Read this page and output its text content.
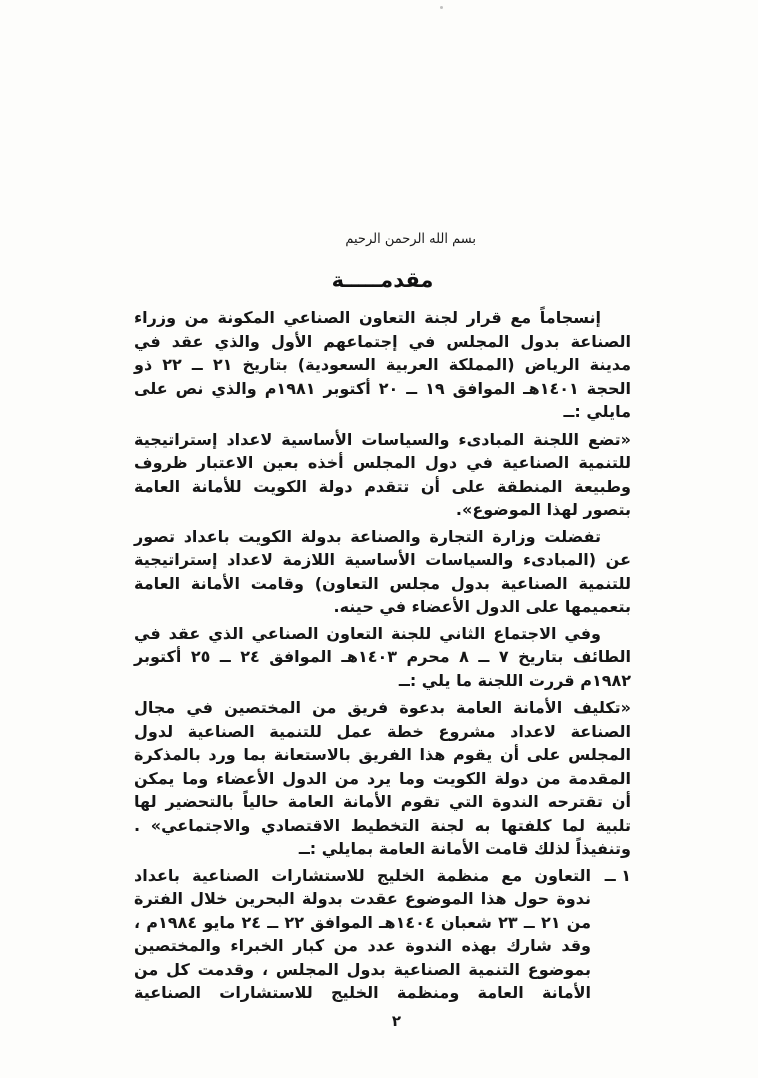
بسم الله الرحمن الرحيم
مقدمـــــة

إنسجاماً مع قرار لجنة التعاون الصناعي المكونة من وزراء الصناعة بدول المجلس في إجتماعهم الأول والذي عقد في مدينة الرياض (المملكة العربية السعودية) بتاريخ ٢١ ــ ٢٢ ذو الحجة ١٤٠١هـ الموافق ١٩ ــ ٢٠ أكتوبر ١٩٨١م والذي نص على مايلي :ــ

«تضع اللجنة المبادىء والسياسات الأساسية لاعداد إستراتيجية للتنمية الصناعية في دول المجلس أخذه بعين الاعتبار ظروف وطبيعة المنطقة على أن تتقدم دولة الكويت للأمانة العامة بتصور لهذا الموضوع».

تفضلت وزارة التجارة والصناعة بدولة الكويت باعداد تصور عن (المبادىء والسياسات الأساسية اللازمة لاعداد إستراتيجية للتنمية الصناعية بدول مجلس التعاون) وقامت الأمانة العامة بتعميمها على الدول الأعضاء في حينه.

وفي الاجتماع الثاني للجنة التعاون الصناعي الذي عقد في الطائف بتاريخ ٧ ــ ٨ محرم ١٤٠٣هـ الموافق ٢٤ ــ ٢٥ أكتوبر ١٩٨٢م قررت اللجنة ما يلي :ــ

«تكليف الأمانة العامة بدعوة فريق من المختصين في مجال الصناعة لاعداد مشروع خطة عمل للتنمية الصناعية لدول المجلس على أن يقوم هذا الفريق بالاستعانة بما ورد بالمذكرة المقدمة من دولة الكويت وما يرد من الدول الأعضاء وما يمكن أن تقترحه الندوة التي تقوم الأمانة العامة حالياً بالتحضير لها تلبية لما كلفتها به لجنة التخطيط الاقتصادي والاجتماعي» . وتنفيذاً لذلك قامت الأمانة العامة بمايلي :ــ

١ ــ
التعاون مع منظمة الخليج للاستشارات الصناعية باعداد ندوة حول هذا الموضوع عقدت بدولة البحرين خلال الفترة من ٢١ ــ ٢٣ شعبان ١٤٠٤هـ الموافق ٢٢ ــ ٢٤ مايو ١٩٨٤م ، وقد شارك بهذه الندوة عدد من كبار الخبراء والمختصين بموضوع التنمية الصناعية بدول المجلس ، وقدمت كل من الأمانة العامة ومنظمة الخليج للاستشارات الصناعية
٢
